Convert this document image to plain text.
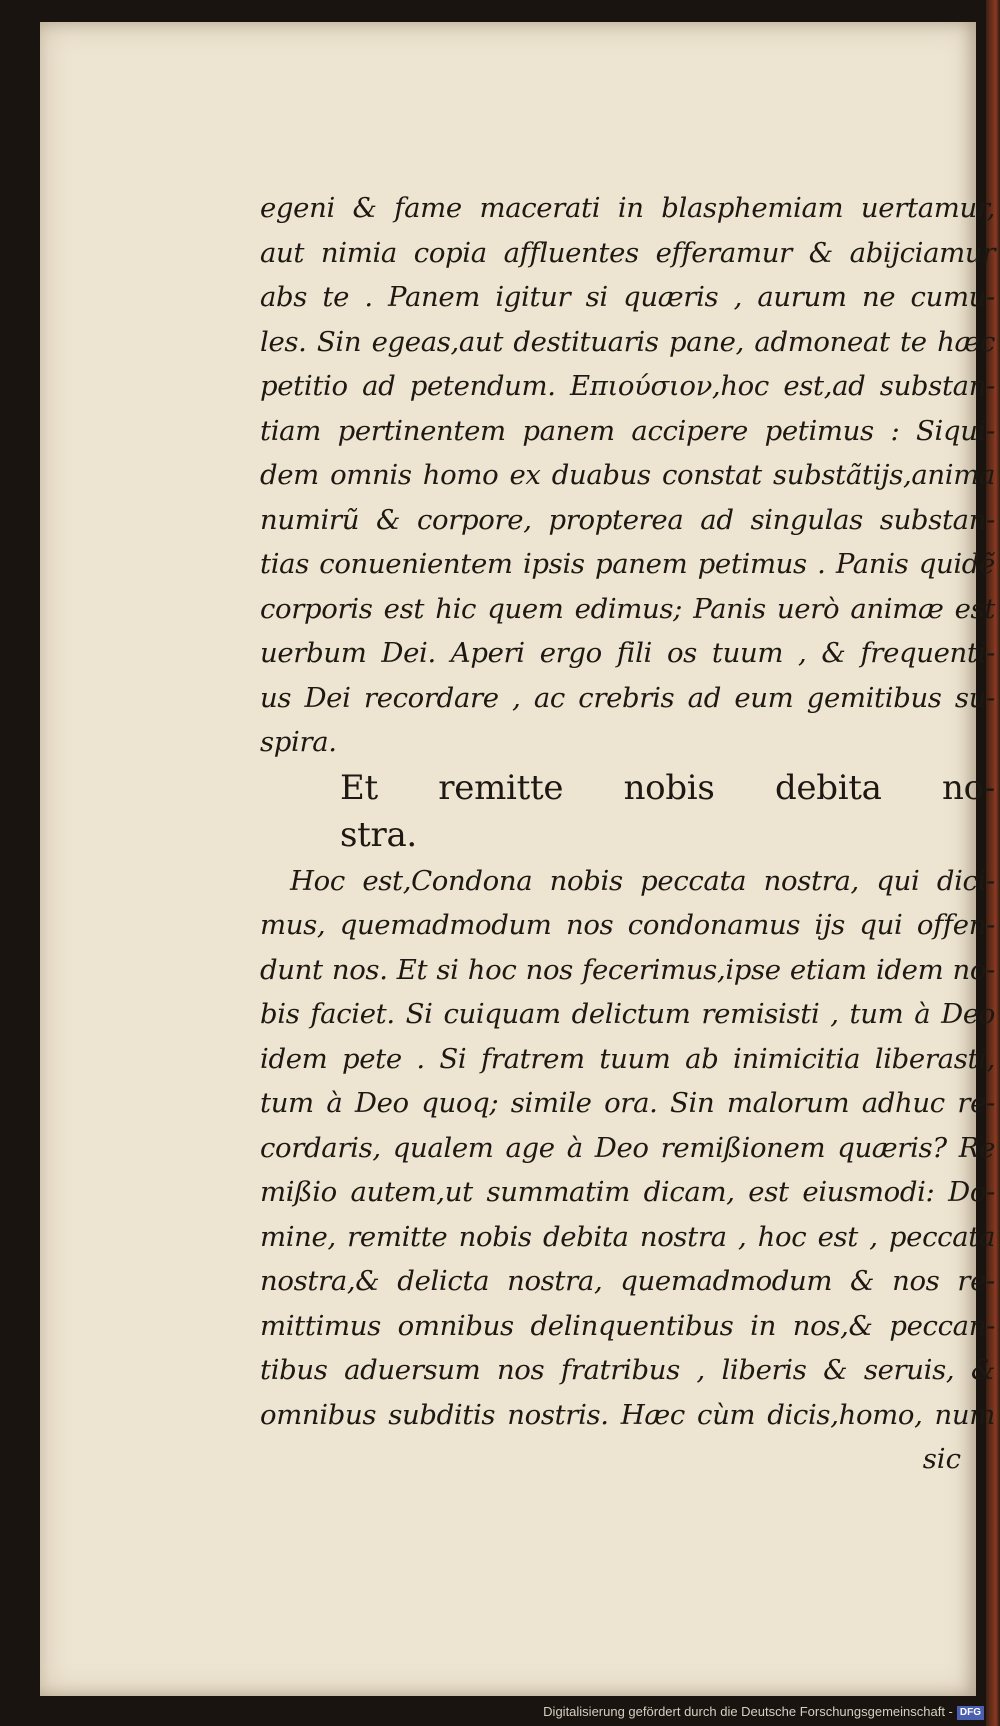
egeni & fame macerati in blasphemiam uertamur,
aut nimia copia affluentes efferamur & abijciamur
abs te . Panem igitur si quæris , aurum ne cumu-
les. Sin egeas,aut destituaris pane, admoneat te hæc
petitio ad petendum. Επιούσιον,hoc est,ad substan-
tiam pertinentem panem accipere petimus : Siqui-
dem omnis homo ex duabus constat substãtijs,anima
numirũ & corpore, propterea ad singulas substan-
tias conuenientem ipsis panem petimus . Panis quidẽ
corporis est hic quem edimus; Panis uerò animæ est
uerbum Dei. Aperi ergo fili os tuum , & frequenti-
us Dei recordare , ac crebris ad eum gemitibus su-
spira.
Et remitte nobis debita no-
stra.
Hoc est,Condona nobis peccata nostra, qui dici-
mus, quemadmodum nos condonamus ijs qui offen-
dunt nos. Et si hoc nos fecerimus,ipse etiam idem no-
bis faciet. Si cuiquam delictum remisisti , tum à Deo
idem pete . Si fratrem tuum ab inimicitia liberasti,
tum à Deo quoq; simile ora. Sin malorum adhuc re-
cordaris, qualem age à Deo remißionem quæris? Re
mißio autem,ut summatim dicam, est eiusmodi: Do-
mine, remitte nobis debita nostra , hoc est , peccata
nostra,& delicta nostra, quemadmodum & nos re-
mittimus omnibus delinquentibus in nos,& peccan-
tibus aduersum nos fratribus , liberis & seruis, &
omnibus subditis nostris. Hæc cùm dicis,homo, num
sic
Digitalisierung gefördert durch die Deutsche Forschungsgemeinschaft - DFG
